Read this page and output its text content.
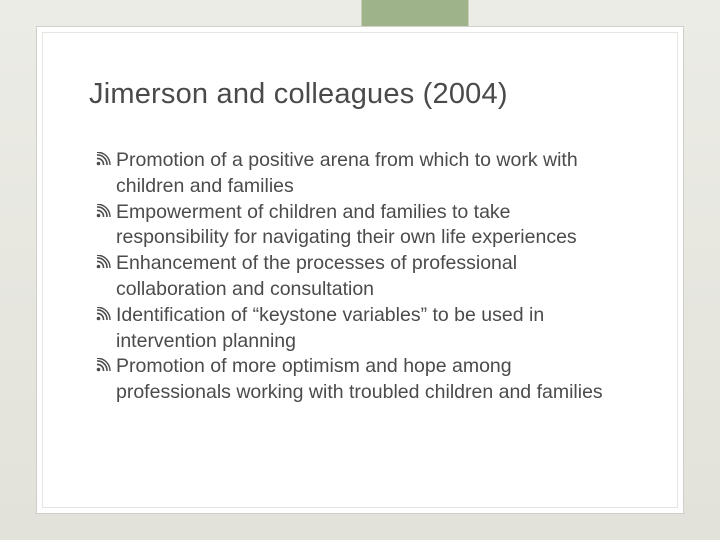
Jimerson and colleagues (2004)
Promotion of a positive arena from which to work with children and families
Empowerment of children and families to take responsibility for navigating their own life experiences
Enhancement of the processes of professional collaboration and consultation
Identification of “keystone variables” to be used in intervention planning
Promotion of more optimism and hope among professionals working with troubled children and families
